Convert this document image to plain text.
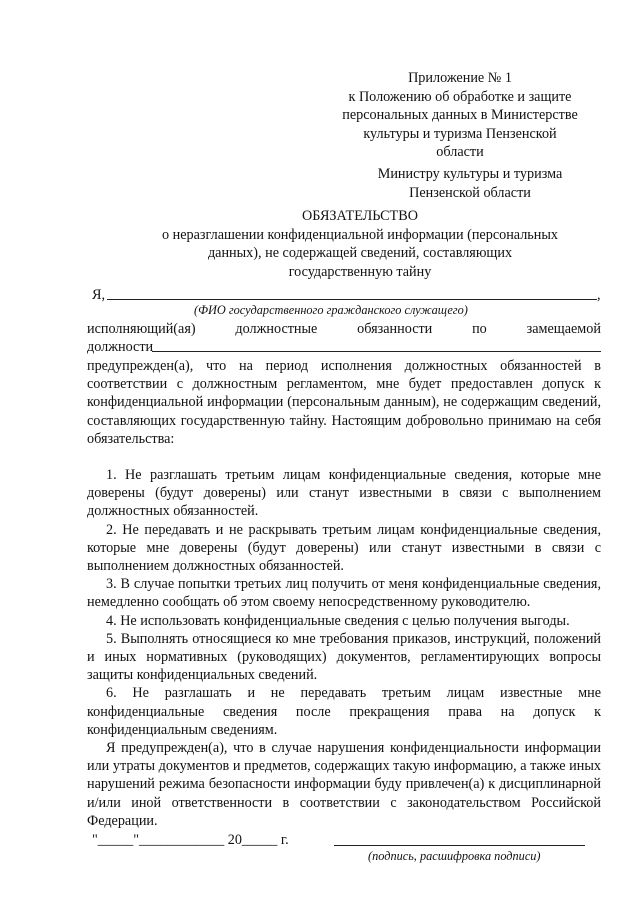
Приложение № 1
к Положению об обработке и защите
персональных данных в Министерстве
культуры и туризма Пензенской
области
Министру культуры и туризма
Пензенской области
ОБЯЗАТЕЛЬСТВО
о неразглашении конфиденциальной информации (персональных
данных), не содержащей сведений, составляющих
государственную тайну
Я,	,
(ФИО государственного гражданского служащего)
исполняющий(ая)	должностные	обязанности	по	замещаемой
должности

предупрежден(а), что на период исполнения должностных обязанностей в соответствии с должностным регламентом, мне будет предоставлен допуск к конфиденциальной информации (персональным данным), не содержащим сведений, составляющих государственную тайну. Настоящим добровольно принимаю на себя обязательства:

1. Не разглашать третьим лицам конфиденциальные сведения, которые мне доверены (будут доверены) или станут известными в связи с выполнением должностных обязанностей.

2. Не передавать и не раскрывать третьим лицам конфиденциальные сведения, которые мне доверены (будут доверены) или станут известными в связи с выполнением должностных обязанностей.

3. В случае попытки третьих лиц получить от меня конфиденциальные сведения, немедленно сообщать об этом своему непосредственному руководителю.

4. Не использовать конфиденциальные сведения с целью получения выгоды.

5. Выполнять относящиеся ко мне требования приказов, инструкций, положений и иных нормативных (руководящих) документов, регламентирующих вопросы защиты конфиденциальных сведений.

6. Не разглашать и не передавать третьим лицам известные мне конфиденциальные сведения после прекращения права на допуск к конфиденциальным сведениям.

Я предупрежден(а), что в случае нарушения конфиденциальности информации или утраты документов и предметов, содержащих такую информацию, а также иных нарушений режима безопасности информации буду привлечен(а) к дисциплинарной и/или иной ответственности в соответствии с законодательством Российской Федерации.

"_____"____________ 20_____ г.
(подпись, расшифровка подписи)
